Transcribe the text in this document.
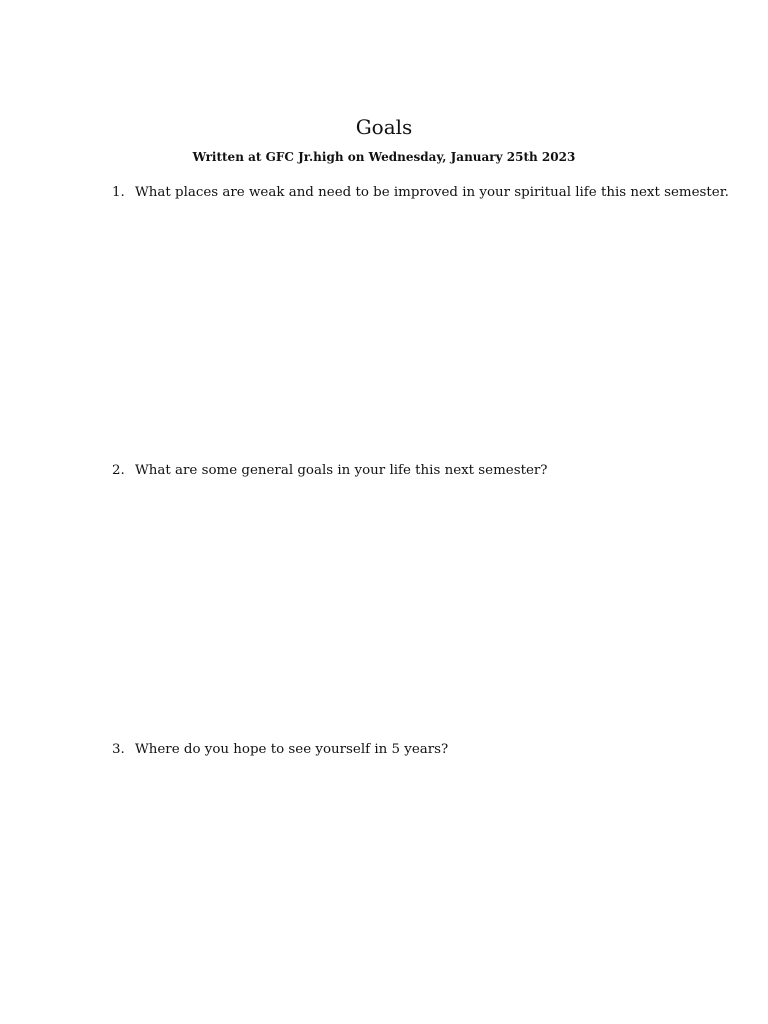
Goals

Written at GFC Jr.high on Wednesday, January 25th 2023

1. What places are weak and need to be improved in your spiritual life this next semester.
2. What are some general goals in your life this next semester?
3. Where do you hope to see yourself in 5 years?
